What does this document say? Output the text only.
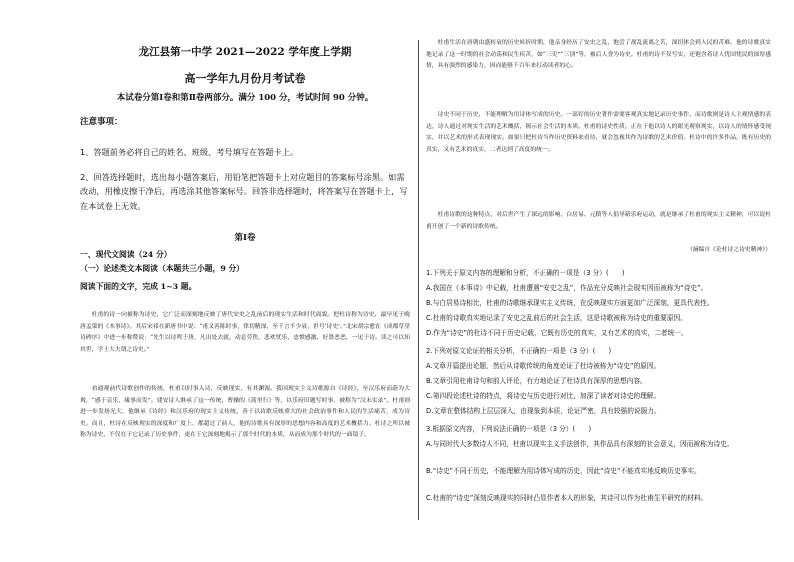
龙江县第一中学 2021—2022 学年度上学期
高一学年九月份月考试卷
本试卷分第Ⅰ卷和第Ⅱ卷两部分。满分 100 分，考试时间 90 分钟。
注意事项：
1、答题前务必将自己的姓名、班级、考号填写在答题卡上。
2、回答选择题时，选出每小题答案后，用铅笔把答题卡上对应题目的答案标号涂黑。如需改动，用橡皮擦干净后，再选涂其他答案标号。回答非选择题时，将答案写在答题卡上，写在本试卷上无效。
第Ⅰ卷
一、现代文阅读（24 分）
（一）论述类文本阅读（本题共三小题，9 分）
阅读下面的文字，完成 1~3 题。
杜甫的诗一向被称为诗史，它广泛而深刻地反映了唐代安史之乱前后的现实生活和时代面貌。把杜诗称为诗史，最早见于晚唐孟棨的《本事诗》。其后宋祁在新唐书中说：“甫又善陈时事，律切精深，至千言不少衰，世号‘诗史’。”北宋胡宗愈在《成都草堂诗碑序》中进一步称赞说：“先生以诗鸣于唐，凡出处去就，动息劳佚，悲欢忧乐，忠愤感激，好贤恶恶，一见于诗。读之可以知其世，学士大夫谓之诗史。”
看通观前代诗歌创作的传统，杜甫以时事入诗，反映现实，有其渊源。我国现实主义诗歌源自《诗经》，至汉乐府而蔚为大观，“感于哀乐，缘事而发”。建安诗人继承了这一传统，曹操的《蒿里行》等，以乐府旧题写时事，被称为“汉末实录”。杜甫则进一步发扬光大，他继承《诗经》和汉乐府的现实主义传统，善于以诗歌反映重大的社会政治事件和人民的生活痛苦，成为诗史。而且，杜诗在反映现实的深度和广度上，都超过了前人，他的诗歌具有深厚的思想内容和高度的艺术概括力。杜诗之所以被称为诗史，不仅在于它记录了历史事件，更在于它深刻地揭示了那个时代的本质，从而成为那个时代的一面镜子。
杜甫生活在唐朝由盛转衰的历史转折时期，他亲身经历了安史之乱，饱尝了战乱流离之苦，深切体会到人民的苦难。他的诗歌真实地记录了这一时期的社会动荡和民生疾苦，如“三吏”“三别”等，被后人誉为诗史。杜甫的诗不仅写实，还饱含着诗人忧国忧民的深厚感情，具有强烈的感染力，因而能够千百年来打动读者的心。
诗史不同于历史，不能理解为用诗体写成的历史。一部好的历史著作需要客观真实地记录历史事件，而诗歌则是诗人主观情感的表达，诗人通过对现实生活的艺术概括，揭示社会生活的本质。杜甫的诗史性质，正在于他以诗人的眼光观察现实，以诗人的情怀感受现实，并以艺术的形式表现现实。如果只把杜诗当作历史资料来看待，就会忽视其作为诗歌的艺术价值。杜诗中的许多作品，既有历史的真实，又有艺术的真实，二者达到了高度的统一。
杜甫诗歌的这种特点，对后世产生了深远的影响。白居易、元稹等人倡导新乐府运动，就是继承了杜甫的现实主义精神，可以说杜甫开创了一个新的诗歌传统。
（摘编自《论杜诗之诗史精神》）
1.下列关于原文内容的理解和分析，不正确的一项是（3 分）(　　)
A.我国在《本事诗》中记载，杜甫遭遇“安史之乱”，作品充分反映社会现实因而被称为“诗史”。
B.与白居易诗相比，杜甫的诗歌继承现实主义传统，在反映现实方面更加广泛深刻，更具代表性。
C.杜甫的诗歌真实地记录了安史之乱前后的社会生活，这是诗歌被称为诗史的重要原因。
D.作为“诗史”的杜诗不同于历史记载，它既有历史的真实，又有艺术的真实，二者统一。
2.下列对原文论证的相关分析，不正确的一项是（3 分）(　　)
A.文章开篇提出论题，然后从诗歌传统的角度论证了杜诗被称为“诗史”的原因。
B.文章引用杜甫诗句和前人评论，有力地论证了杜诗具有深厚的思想内容。
C.第四段论述杜诗的特点，将诗史与历史进行对比，加深了读者对诗史的理解。
D.文章在整体结构上层层深入，由现象到本质，论证严密，具有较强的说服力。
3.根据原文内容，下列说法正确的一项是（3 分）(　　)
A.与同时代大多数诗人不同，杜甫以现实主义手法创作，其作品具有深刻的社会意义，因而被称为诗史。
B.“诗史”不同于历史，不能理解为用诗体写成的历史，因此“诗史”不能真实地反映历史事实。
C.杜甫的“诗史”深刻反映现实的同时凸显作者本人的形象，其诗可以作为杜甫生平研究的材料。
